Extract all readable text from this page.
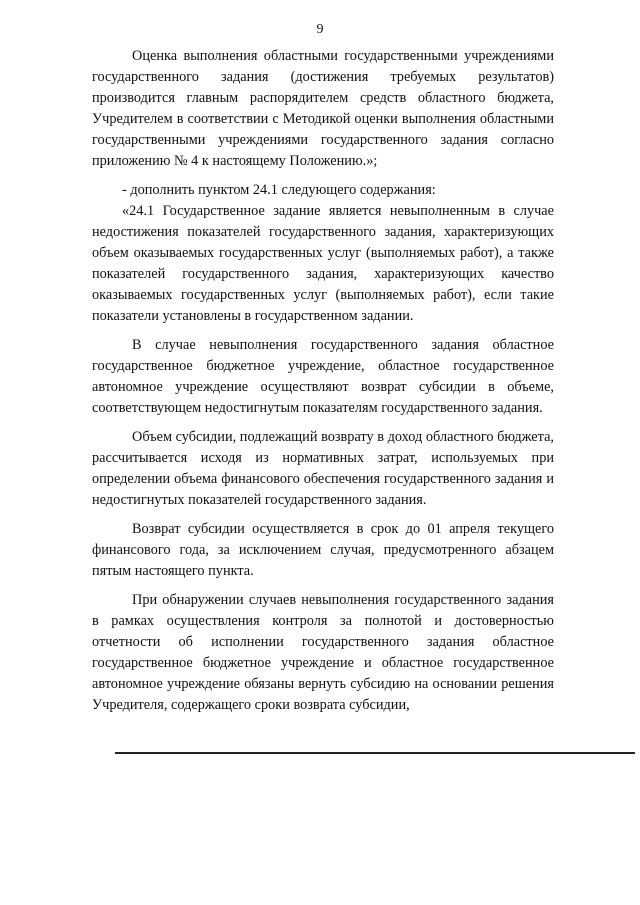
9

Оценка выполнения областными государственными учреждениями государственного задания (достижения требуемых результатов) производится главным распорядителем средств областного бюджета, Учредителем в соответствии с Методикой оценки выполнения областными государственными учреждениями государственного задания согласно приложению № 4 к настоящему Положению.»;

- дополнить пунктом 24.1 следующего содержания:

«24.1 Государственное задание является невыполненным в случае недостижения показателей государственного задания, характеризующих объем оказываемых государственных услуг (выполняемых работ), а также показателей государственного задания, характеризующих качество оказываемых государственных услуг (выполняемых работ), если такие показатели установлены в государственном задании.

В случае невыполнения государственного задания областное государственное бюджетное учреждение, областное государственное автономное учреждение осуществляют возврат субсидии в объеме, соответствующем недостигнутым показателям государственного задания.

Объем субсидии, подлежащий возврату в доход областного бюджета, рассчитывается исходя из нормативных затрат, используемых при определении объема финансового обеспечения государственного задания и недостигнутых показателей государственного задания.

Возврат субсидии осуществляется в срок до 01 апреля текущего финансового года, за исключением случая, предусмотренного абзацем пятым настоящего пункта.

При обнаружении случаев невыполнения государственного задания в рамках осуществления контроля за полнотой и достоверностью отчетности об исполнении государственного задания областное государственное бюджетное учреждение и областное государственное автономное учреждение обязаны вернуть субсидию на основании решения Учредителя, содержащего сроки возврата субсидии,
